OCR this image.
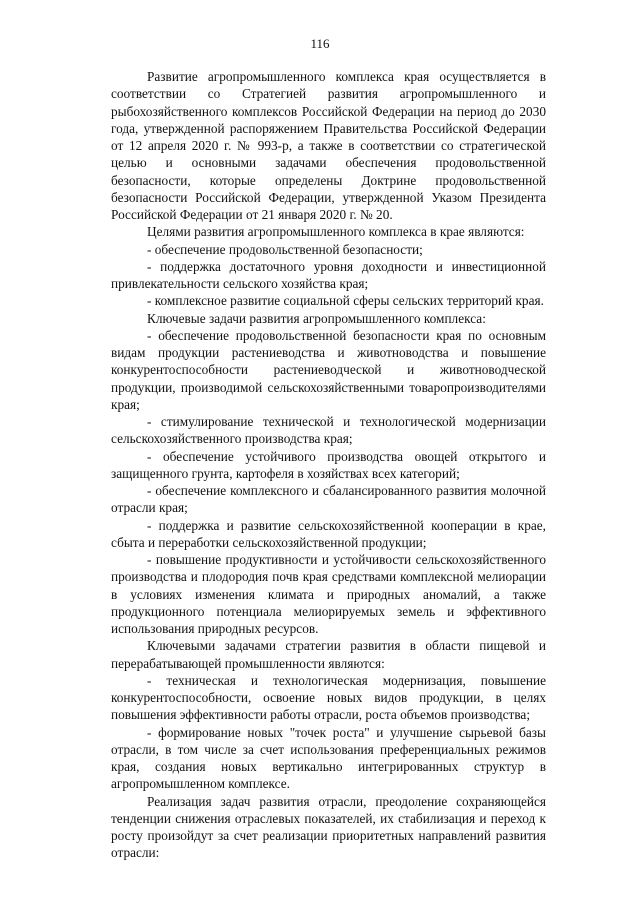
116

Развитие агропромышленного комплекса края осуществляется в соответствии со Стратегией развития агропромышленного и рыбохозяйственного комплексов Российской Федерации на период до 2030 года, утвержденной распоряжением Правительства Российской Федерации от 12 апреля 2020 г. № 993-р, а также в соответствии со стратегической целью и основными задачами обеспечения продовольственной безопасности, которые определены Доктрине продовольственной безопасности Российской Федерации, утвержденной Указом Президента Российской Федерации от 21 января 2020 г. № 20.

Целями развития агропромышленного комплекса в крае являются:

- обеспечение продовольственной безопасности;

- поддержка достаточного уровня доходности и инвестиционной привлекательности сельского хозяйства края;

- комплексное развитие социальной сферы сельских территорий края.

Ключевые задачи развития агропромышленного комплекса:

- обеспечение продовольственной безопасности края по основным видам продукции растениеводства и животноводства и повышение конкурентоспособности растениеводческой и животноводческой продукции, производимой сельскохозяйственными товаропроизводителями края;

- стимулирование технической и технологической модернизации сельскохозяйственного производства края;

- обеспечение устойчивого производства овощей открытого и защищенного грунта, картофеля в хозяйствах всех категорий;

- обеспечение комплексного и сбалансированного развития молочной отрасли края;

- поддержка и развитие сельскохозяйственной кооперации в крае, сбыта и переработки сельскохозяйственной продукции;

- повышение продуктивности и устойчивости сельскохозяйственного производства и плодородия почв края средствами комплексной мелиорации в условиях изменения климата и природных аномалий, а также продукционного потенциала мелиорируемых земель и эффективного использования природных ресурсов.

Ключевыми задачами стратегии развития в области пищевой и перерабатывающей промышленности являются:

- техническая и технологическая модернизация, повышение конкурентоспособности, освоение новых видов продукции, в целях повышения эффективности работы отрасли, роста объемов производства;

- формирование новых "точек роста" и улучшение сырьевой базы отрасли, в том числе за счет использования преференциальных режимов края, создания новых вертикально интегрированных структур в агропромышленном комплексе.

Реализация задач развития отрасли, преодоление сохраняющейся тенденции снижения отраслевых показателей, их стабилизация и переход к росту произойдут за счет реализации приоритетных направлений развития отрасли:
